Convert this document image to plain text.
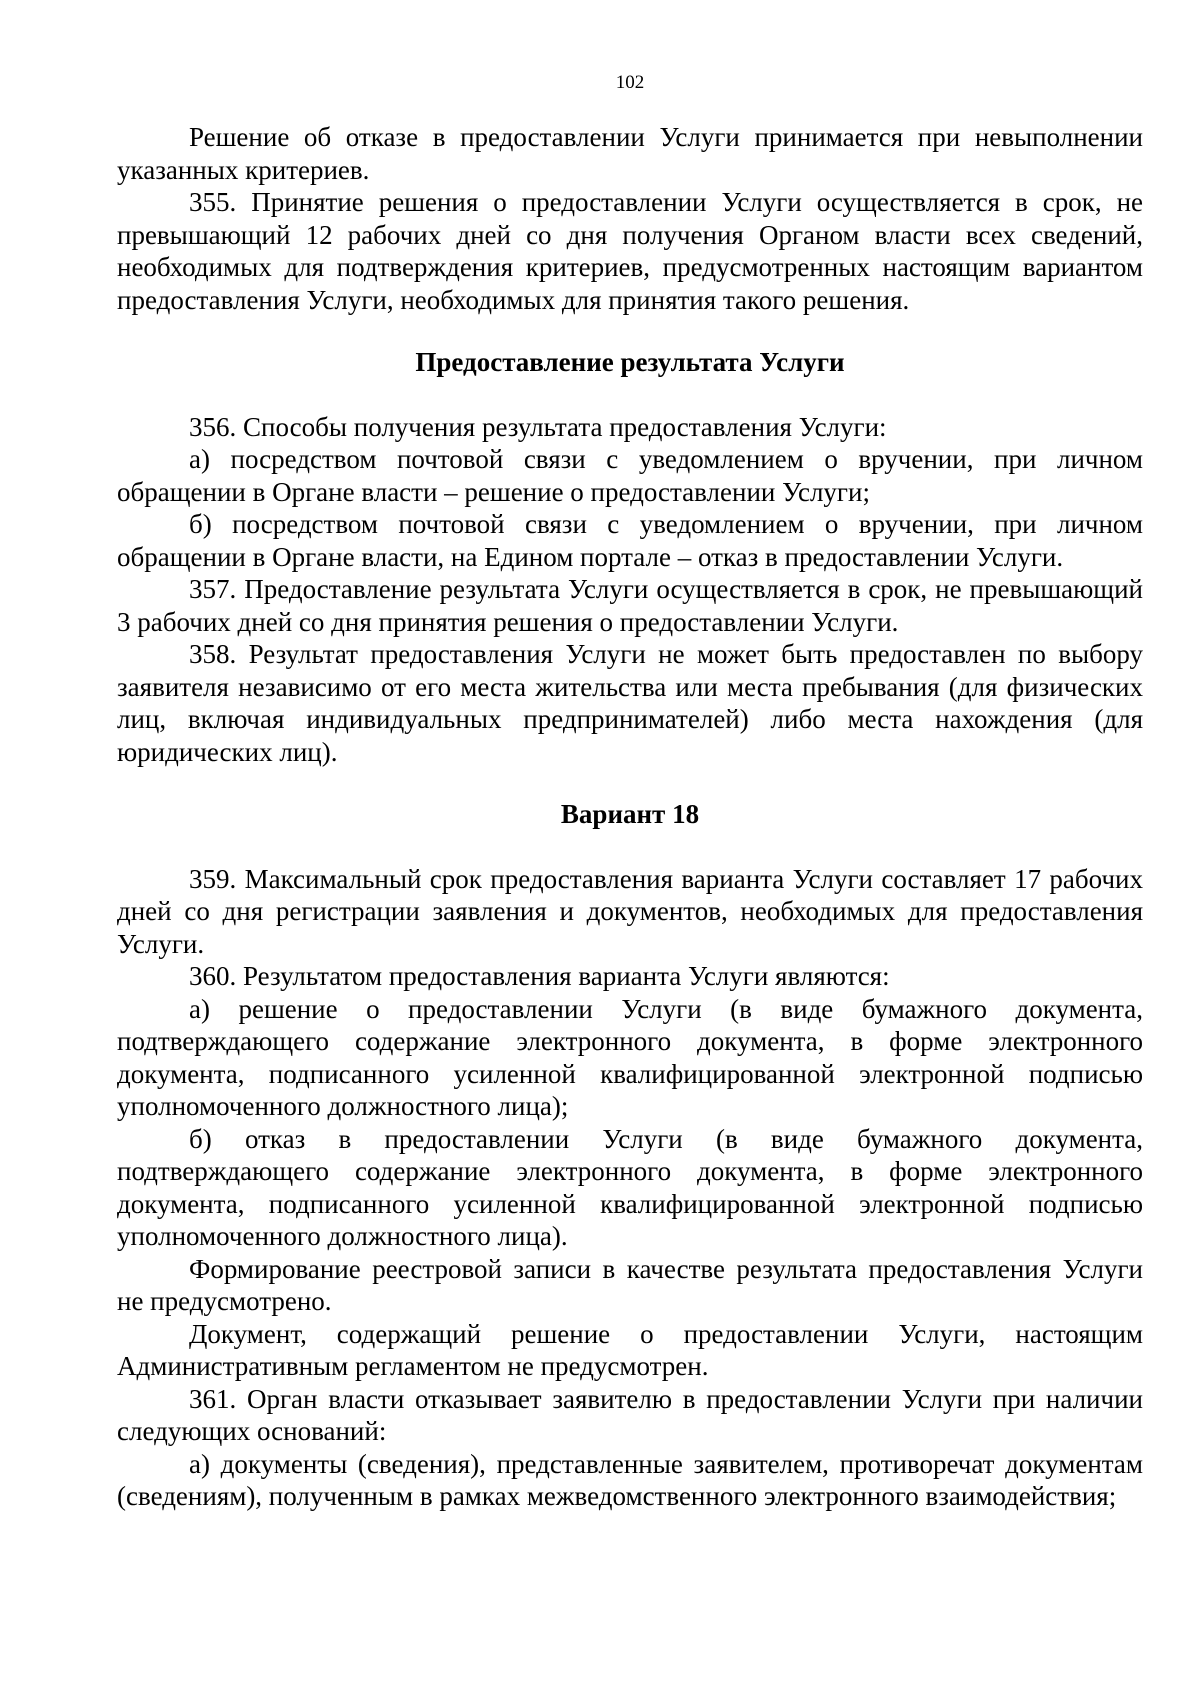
102

Решение об отказе в предоставлении Услуги принимается при невыполнении указанных критериев.

355. Принятие решения о предоставлении Услуги осуществляется в срок, не превышающий 12 рабочих дней со дня получения Органом власти всех сведений, необходимых для подтверждения критериев, предусмотренных настоящим вариантом предоставления Услуги, необходимых для принятия такого решения.

Предоставление результата Услуги

356. Способы получения результата предоставления Услуги:

а) посредством почтовой связи с уведомлением о вручении, при личном обращении в Органе власти – решение о предоставлении Услуги;

б) посредством почтовой связи с уведомлением о вручении, при личном обращении в Органе власти, на Едином портале – отказ в предоставлении Услуги.

357. Предоставление результата Услуги осуществляется в срок, не превышающий 3 рабочих дней со дня принятия решения о предоставлении Услуги.

358. Результат предоставления Услуги не может быть предоставлен по выбору заявителя независимо от его места жительства или места пребывания (для физических лиц, включая индивидуальных предпринимателей) либо места нахождения (для юридических лиц).

Вариант 18

359. Максимальный срок предоставления варианта Услуги составляет 17 рабочих дней со дня регистрации заявления и документов, необходимых для предоставления Услуги.

360. Результатом предоставления варианта Услуги являются:

а) решение о предоставлении Услуги (в виде бумажного документа, подтверждающего содержание электронного документа, в форме электронного документа, подписанного усиленной квалифицированной электронной подписью уполномоченного должностного лица);

б) отказ в предоставлении Услуги (в виде бумажного документа, подтверждающего содержание электронного документа, в форме электронного документа, подписанного усиленной квалифицированной электронной подписью уполномоченного должностного лица).

Формирование реестровой записи в качестве результата предоставления Услуги не предусмотрено.

Документ, содержащий решение о предоставлении Услуги, настоящим Административным регламентом не предусмотрен.

361. Орган власти отказывает заявителю в предоставлении Услуги при наличии следующих оснований:

а) документы (сведения), представленные заявителем, противоречат документам (сведениям), полученным в рамках межведомственного электронного взаимодействия;
